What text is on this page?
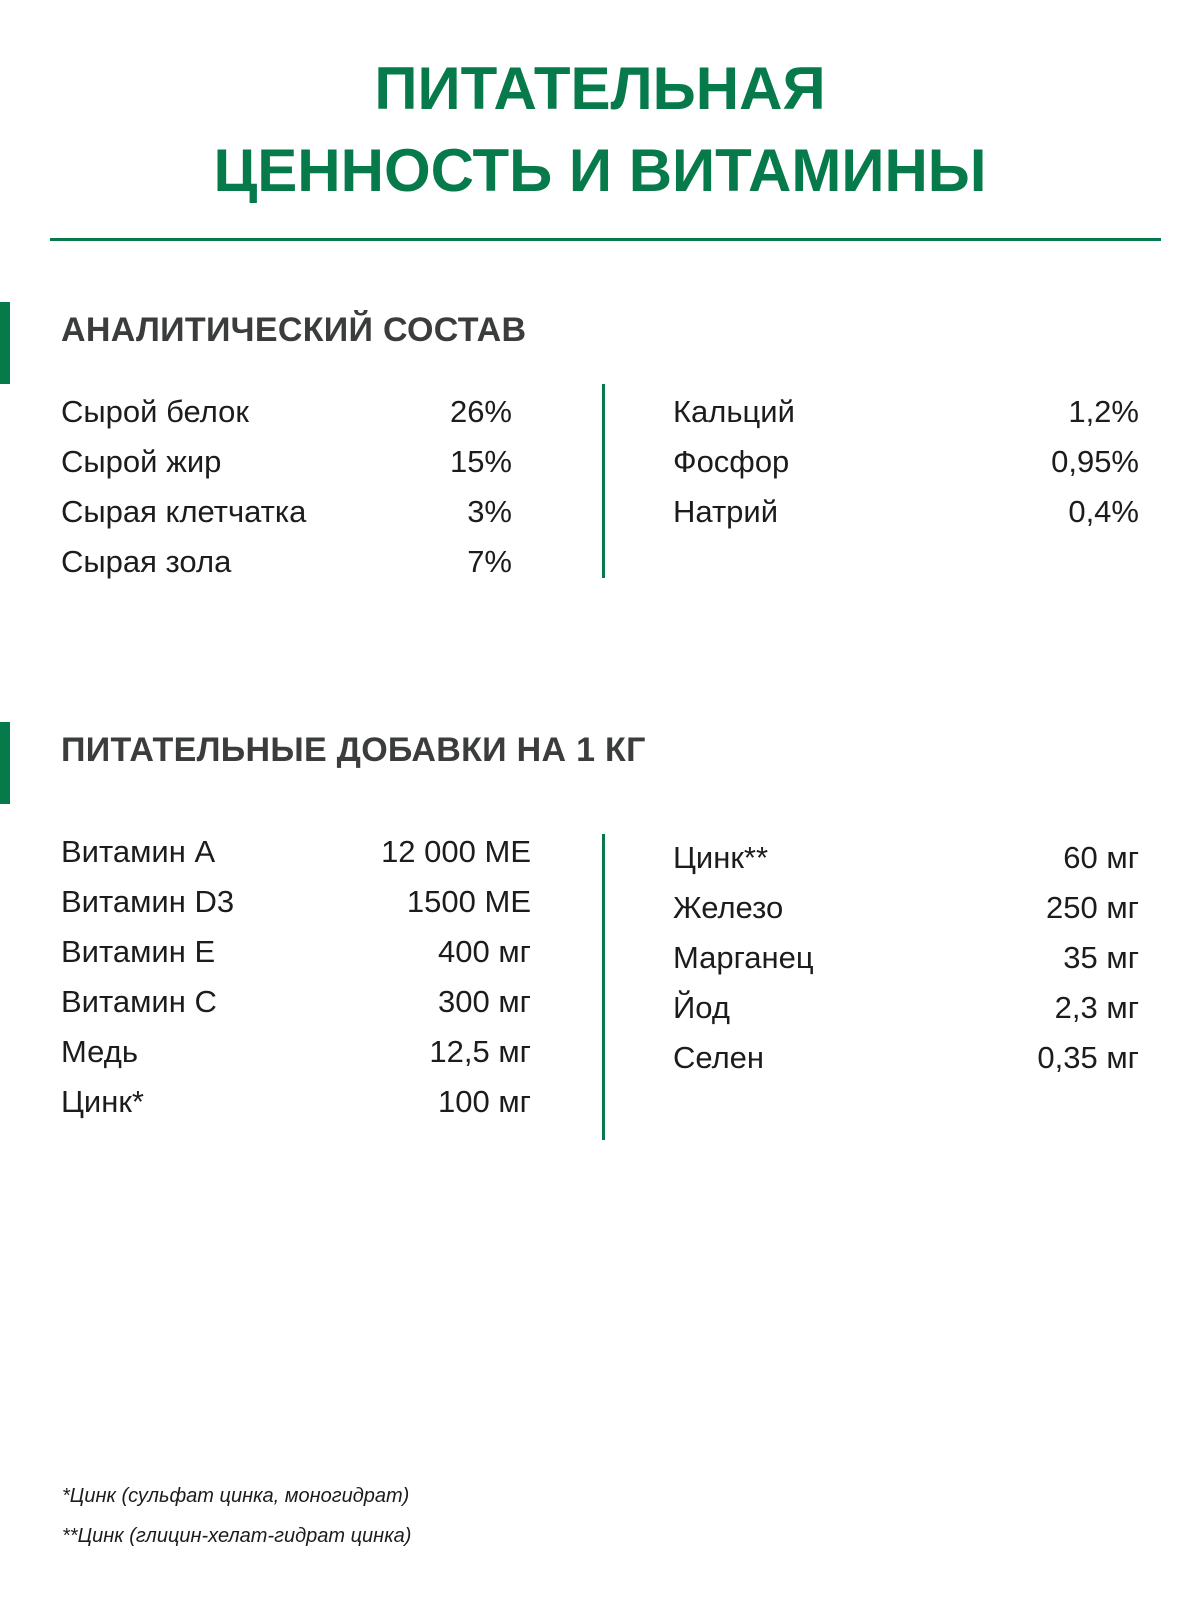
ПИТАТЕЛЬНАЯ
ЦЕННОСТЬ И ВИТАМИНЫ
АНАЛИТИЧЕСКИЙ СОСТАВ
Сырой белок	26%
Сырой жир	15%
Сырая клетчатка	3%
Сырая зола	7%
Кальций	1,2%
Фосфор	0,95%
Натрий	0,4%
ПИТАТЕЛЬНЫЕ ДОБАВКИ НА 1 КГ
Витамин А	12 000 МЕ
Витамин D3	1500 МЕ
Витамин Е	400 мг
Витамин С	300 мг
Медь	12,5 мг
Цинк*	100 мг
Цинк**	60 мг
Железо	250 мг
Марганец	35 мг
Йод	2,3 мг
Селен	0,35 мг
*Цинк (сульфат цинка, моногидрат)
**Цинк (глицин-хелат-гидрат цинка)
